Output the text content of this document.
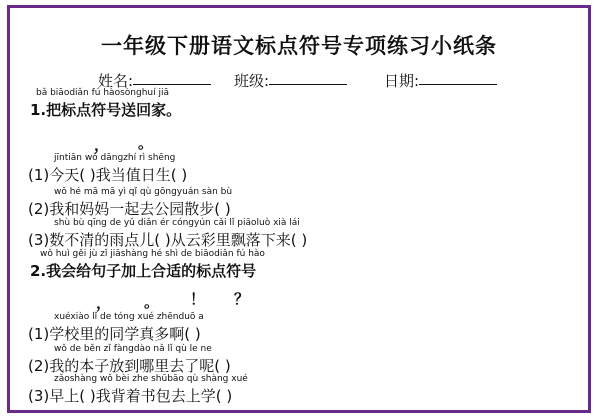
一年级下册语文标点符号专项练习小纸条
姓名:	班级:	日期:
bǎ biāodiǎn fú hàosònghuí jiā
1.把标点符号送回家。
， 。
jīntiān wǒ dāngzhí rì shēng
(1)今天( )我当值日生( )
wǒ hé mā mā yì qǐ qù gōngyuán sàn bù
(2)我和妈妈一起去公园散步( )
shù bù qīng de yǔ diǎn ér cóngyún cǎi lǐ piāoluò xià lái
(3)数不清的雨点儿( )从云彩里飘落下来( )
wǒ huì gěi jù zǐ jiāshàng hé shì de biāodiǎn fú hào
2.我会给句子加上合适的标点符号
， 。 ！ ？
xuéxiào lǐ de tóng xué zhēnduō a
(1)学校里的同学真多啊( )
wǒ de běn zǐ fàngdào nǎ lǐ qù le ne
(2)我的本子放到哪里去了呢( )
zǎoshàng wǒ bèi zhe shūbāo qù shàng xué
(3)早上( )我背着书包去上学( )
